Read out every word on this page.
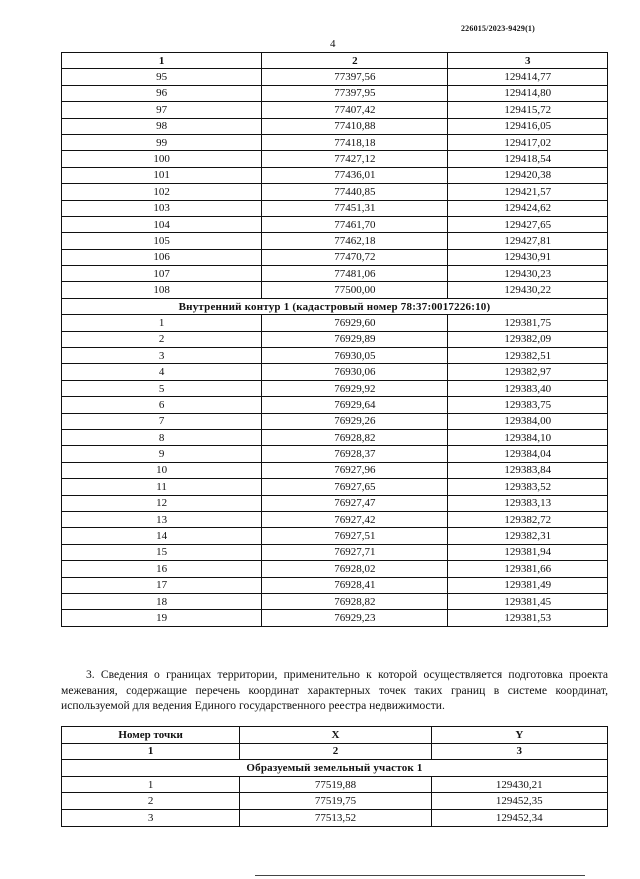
226015/2023-9429(1)
4
1	2	3
95	77397,56	129414,77
96	77397,95	129414,80
97	77407,42	129415,72
98	77410,88	129416,05
99	77418,18	129417,02
100	77427,12	129418,54
101	77436,01	129420,38
102	77440,85	129421,57
103	77451,31	129424,62
104	77461,70	129427,65
105	77462,18	129427,81
106	77470,72	129430,91
107	77481,06	129430,23
108	77500,00	129430,22
Внутренний контур 1 (кадастровый номер 78:37:0017226:10)		
1	76929,60	129381,75
2	76929,89	129382,09
3	76930,05	129382,51
4	76930,06	129382,97
5	76929,92	129383,40
6	76929,64	129383,75
7	76929,26	129384,00
8	76928,82	129384,10
9	76928,37	129384,04
10	76927,96	129383,84
11	76927,65	129383,52
12	76927,47	129383,13
13	76927,42	129382,72
14	76927,51	129382,31
15	76927,71	129381,94
16	76928,02	129381,66
17	76928,41	129381,49
18	76928,82	129381,45
19	76929,23	129381,53
3. Сведения о границах территории, применительно к которой осуществляется подготовка проекта межевания, содержащие перечень координат характерных точек таких границ в системе координат, используемой для ведения Единого государственного реестра недвижимости.
Номер точки	X	Y
1	2	3
Образуемый земельный участок 1		
1	77519,88	129430,21
2	77519,75	129452,35
3	77513,52	129452,34
